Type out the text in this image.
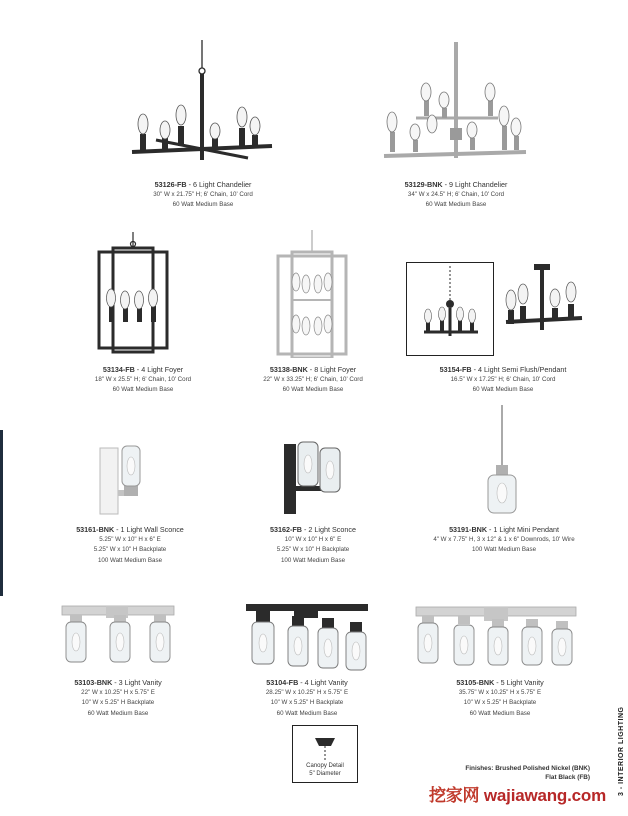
53126-FB - 6 Light Chandelier
30" W x 21.75" H; 6' Chain, 10' Cord
60 Watt Medium Base
53129-BNK - 9 Light Chandelier
34" W x 24.5" H; 6' Chain, 10' Cord
60 Watt Medium Base
53134-FB - 4 Light Foyer
18" W x 25.5" H; 6' Chain, 10' Cord
60 Watt Medium Base
53138-BNK - 8 Light Foyer
22" W x 33.25" H; 6' Chain, 10' Cord
60 Watt Medium Base
53154-FB - 4 Light Semi Flush/Pendant
16.5" W x 17.25" H; 6' Chain, 10' Cord
60 Watt Medium Base
53161-BNK - 1 Light Wall Sconce
5.25" W x 10" H x 6" E
5.25" W x 10" H Backplate
100 Watt Medium Base
53162-FB - 2 Light Sconce
10" W x 10" H x 6" E
5.25" W x 10" H Backplate
100 Watt Medium Base
53191-BNK - 1 Light Mini Pendant
4" W x 7.75" H, 3 x 12" & 1 x 6" Downrods, 10' Wire
100 Watt Medium Base
53103-BNK - 3 Light Vanity
22" W x 10.25" H x 5.75" E
10" W x 5.25" H Backplate
60 Watt Medium Base
53104-FB - 4 Light Vanity
28.25" W x 10.25" H x 5.75" E
10" W x 5.25" H Backplate
60 Watt Medium Base
Canopy Detail
5" Diameter
53105-BNK - 5 Light Vanity
35.75" W x 10.25" H x 5.75" E
10" W x 5.25" H Backplate
60 Watt Medium Base	3 - INTERIOR LIGHTING
Finishes: Brushed Polished Nickel (BNK)
Flat Black (FB)
挖家网 wajiawang.com
